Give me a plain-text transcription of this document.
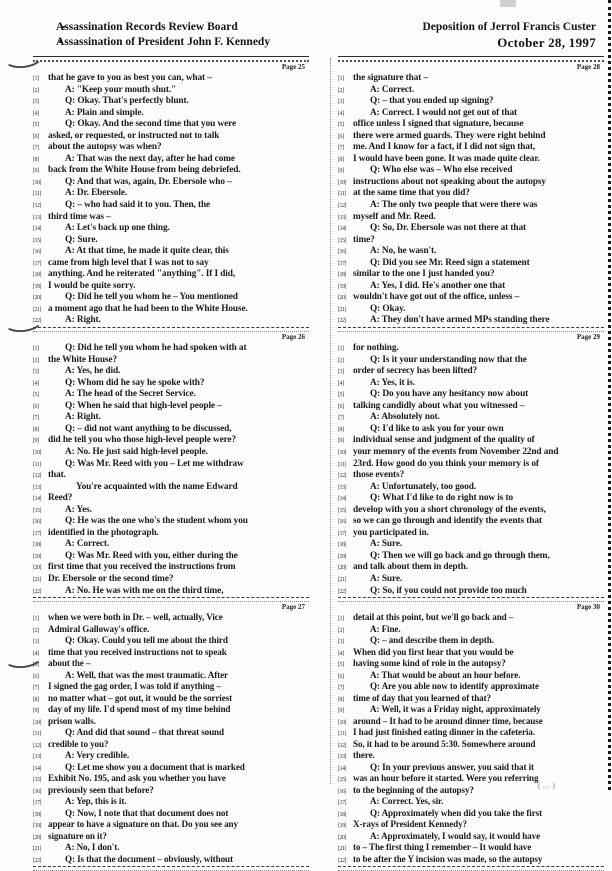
Assassination Records Review Board
Assassination of President John F. Kennedy
Deposition of Jerrol Francis Custer
October 28, 1997
Page 25
[1] that he gave to you as best you can, what –
[2]	A: "Keep your mouth shut."
[3]	Q: Okay. That's perfectly blunt.
[4]	A: Plain and simple.
[5]	Q: Okay. And the second time that you were
[6] asked, or requested, or instructed not to talk
[7] about the autopsy was when?
[8]	A: That was the next day, after he had come
[9] back from the White House from being debriefed.
[10]	Q: And that was, again, Dr. Ebersole who –
[11]	A: Dr. Ebersole.
[12]	Q: – who had said it to you. Then, the
[13] third time was –
[14]	A: Let's back up one thing.
[15]	Q: Sure.
[16]	A: At that time, he made it quite clear, this
[17] came from high level that I was not to say
[18] anything. And he reiterated "anything". If I did,
[19] I would be quite sorry.
[20]	Q: Did he tell you whom he – You mentioned
[21] a moment ago that he had been to the White House.
[22]	A: Right.
Page 26
[1]	Q: Did he tell you whom he had spoken with at
[2] the White House?
[3]	A: Yes, he did.
[4]	Q: Whom did he say he spoke with?
[5]	A: The head of the Secret Service.
[6]	Q: When he said that high-level people –
[7]	A: Right.
[8]	Q: – did not want anything to be discussed,
[9] did he tell you who those high-level people were?
[10]	A: No. He just said high-level people.
[11]	Q: Was Mr. Reed with you – Let me withdraw
[12] that.
[13]	You're acquainted with the name Edward
[14] Reed?
[15]	A: Yes.
[16]	Q: He was the one who's the student whom you
[17] identified in the photograph.
[18]	A: Correct.
[19]	Q: Was Mr. Reed with you, either during the
[20] first time that you received the instructions from
[21] Dr. Ebersole or the second time?
[22]	A: No. He was with me on the third time,
Page 27
[1] when we were both in Dr. – well, actually, Vice
[2] Admiral Galloway's office.
[3]	Q: Okay. Could you tell me about the third
[4] time that you received instructions not to speak
[5] about the –
[6]	A: Well, that was the most traumatic. After
[7] I signed the gag order, I was told if anything –
[8] no matter what – got out, it would be the sorriest
[9] day of my life. I'd spend most of my time behind
[10] prison walls.
[11]	Q: And did that sound – that threat sound
[12] credible to you?
[13]	A: Very credible.
[14]	Q: Let me show you a document that is marked
[15] Exhibit No. 195, and ask you whether you have
[16] previously seen that before?
[17]	A: Yep, this is it.
[18]	Q: Now, I note that that document does not
[19] appear to have a signature on that. Do you see any
[20] signature on it?
[21]	A: No, I don't.
[22]	Q: Is that the document – obviously, without
Page 28
[1] the signature that –
[2]	A: Correct.
[3]	Q: – that you ended up signing?
[4]	A: Correct. I would not get out of that
[5] office unless I signed that signature, because
[6] there were armed guards. They were right behind
[7] me. And I know for a fact, if I did not sign that,
[8] I would have been gone. It was made quite clear.
[9]	Q: Who else was – Who else received
[10] instructions about not speaking about the autopsy
[11] at the same time that you did?
[12]	A: The only two people that were there was
[13] myself and Mr. Reed.
[14]	Q: So, Dr. Ebersole was not there at that
[15] time?
[16]	A: No, he wasn't.
[17]	Q: Did you see Mr. Reed sign a statement
[18] similar to the one I just handed you?
[19]	A: Yes, I did. He's another one that
[20] wouldn't have got out of the office, unless –
[21]	Q: Okay.
[22]	A: They don't have armed MPs standing there
Page 29
[1] for nothing.
[2]	Q: Is it your understanding now that the
[3] order of secrecy has been lifted?
[4]	A: Yes, it is.
[5]	Q: Do you have any hesitancy now about
[6] talking candidly about what you witnessed –
[7]	A: Absolutely not.
[8]	Q: I'd like to ask you for your own
[9] individual sense and judgment of the quality of
[10] your memory of the events from November 22nd and
[11] 23rd. How good do you think your memory is of
[12] those events?
[13]	A: Unfortunately, too good.
[14]	Q: What I'd like to do right now is to
[15] develop with you a short chronology of the events,
[16] so we can go through and identify the events that
[17] you participated in.
[18]	A: Sure.
[19]	Q: Then we will go back and go through them,
[20] and talk about them in depth.
[21]	A: Sure.
[22]	Q: So, if you could not provide too much
Page 30
[1] detail at this point, but we'll go back and –
[2]	A: Fine.
[3]	Q: – and describe them in depth.
[4] When did you first hear that you would be
[5] having some kind of role in the autopsy?
[6]	A: That would be about an hour before.
[7]	Q: Are you able now to identify approximate
[8] time of day that you learned of that?
[9]	A: Well, it was a Friday night, approximately
[10] around – It had to be around dinner time, because
[11] I had just finished eating dinner in the cafeteria.
[12] So, it had to be around 5:30. Somewhere around
[13] there.
[14]	Q: In your previous answer, you said that it
[15] was an hour before it started. Were you referring
[16] to the beginning of the autopsy?
[17]	A: Correct. Yes, sir.
[18]	Q: Approximately when did you take the first
[19] X-rays of President Kennedy?
[20]	A: Approximately, I would say, it would have
[21] to – The first thing I remember – It would have
[22] to be after the Y incision was made, so the autopsy
(…)
